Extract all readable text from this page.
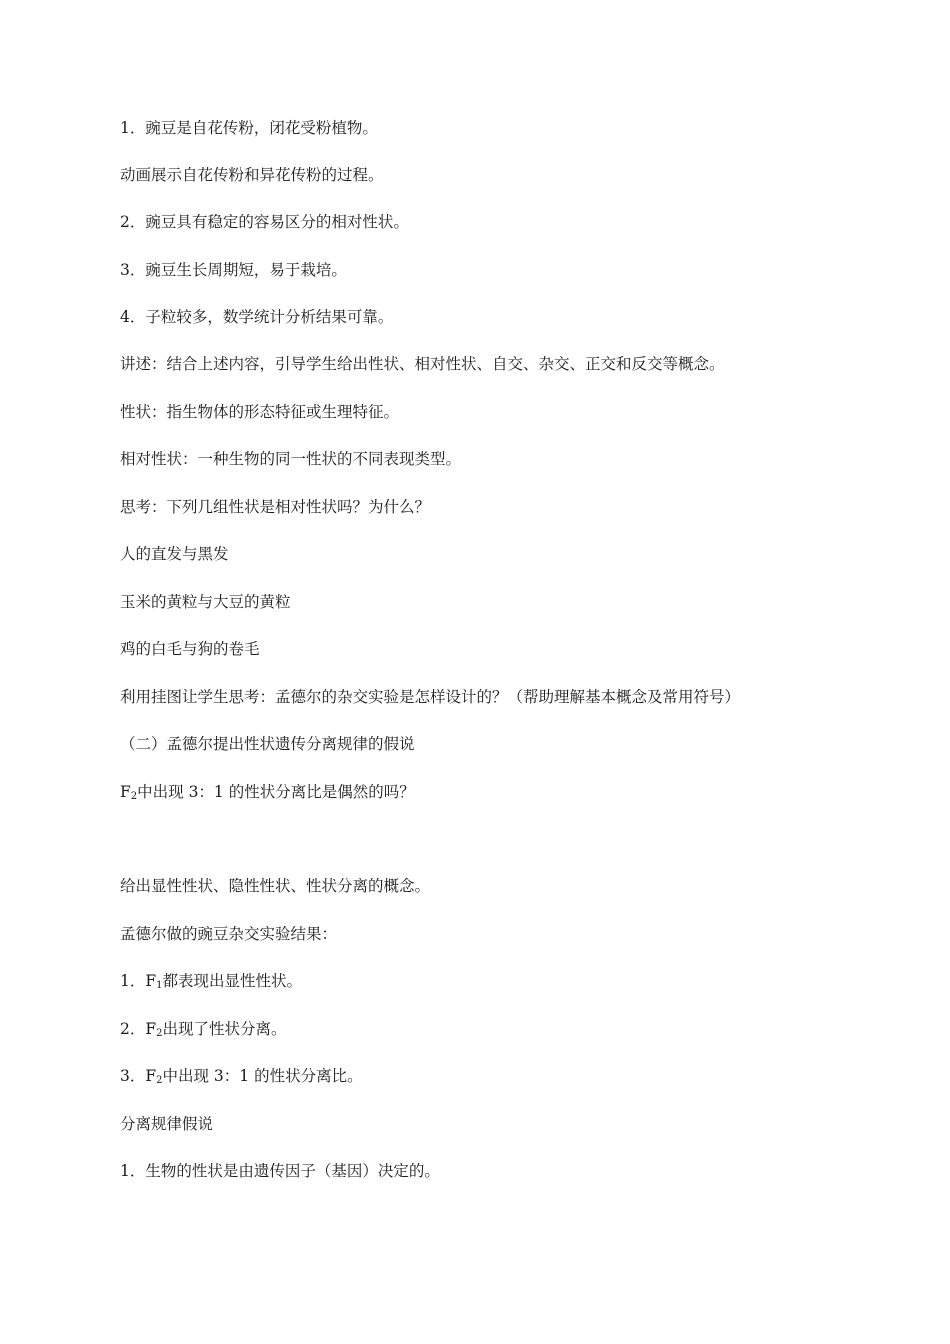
1．豌豆是自花传粉，闭花受粉植物。
动画展示自花传粉和异花传粉的过程。
2．豌豆具有稳定的容易区分的相对性状。
3．豌豆生长周期短，易于栽培。
4．子粒较多，数学统计分析结果可靠。
讲述：结合上述内容，引导学生给出性状、相对性状、自交、杂交、正交和反交等概念。
性状：指生物体的形态特征或生理特征。
相对性状：一种生物的同一性状的不同表现类型。
思考：下列几组性状是相对性状吗？为什么？
人的直发与黑发
玉米的黄粒与大豆的黄粒
鸡的白毛与狗的卷毛
利用挂图让学生思考：孟德尔的杂交实验是怎样设计的？（帮助理解基本概念及常用符号）
（二）孟德尔提出性状遗传分离规律的假说
$F_2$中出现 3：1 的性状分离比是偶然的吗？
给出显性性状、隐性性状、性状分离的概念。
孟德尔做的豌豆杂交实验结果：
1．$F_1$都表现出显性性状。
2．$F_2$出现了性状分离。
3．$F_2$中出现 3：1 的性状分离比。
分离规律假说
1．生物的性状是由遗传因子（基因）决定的。
